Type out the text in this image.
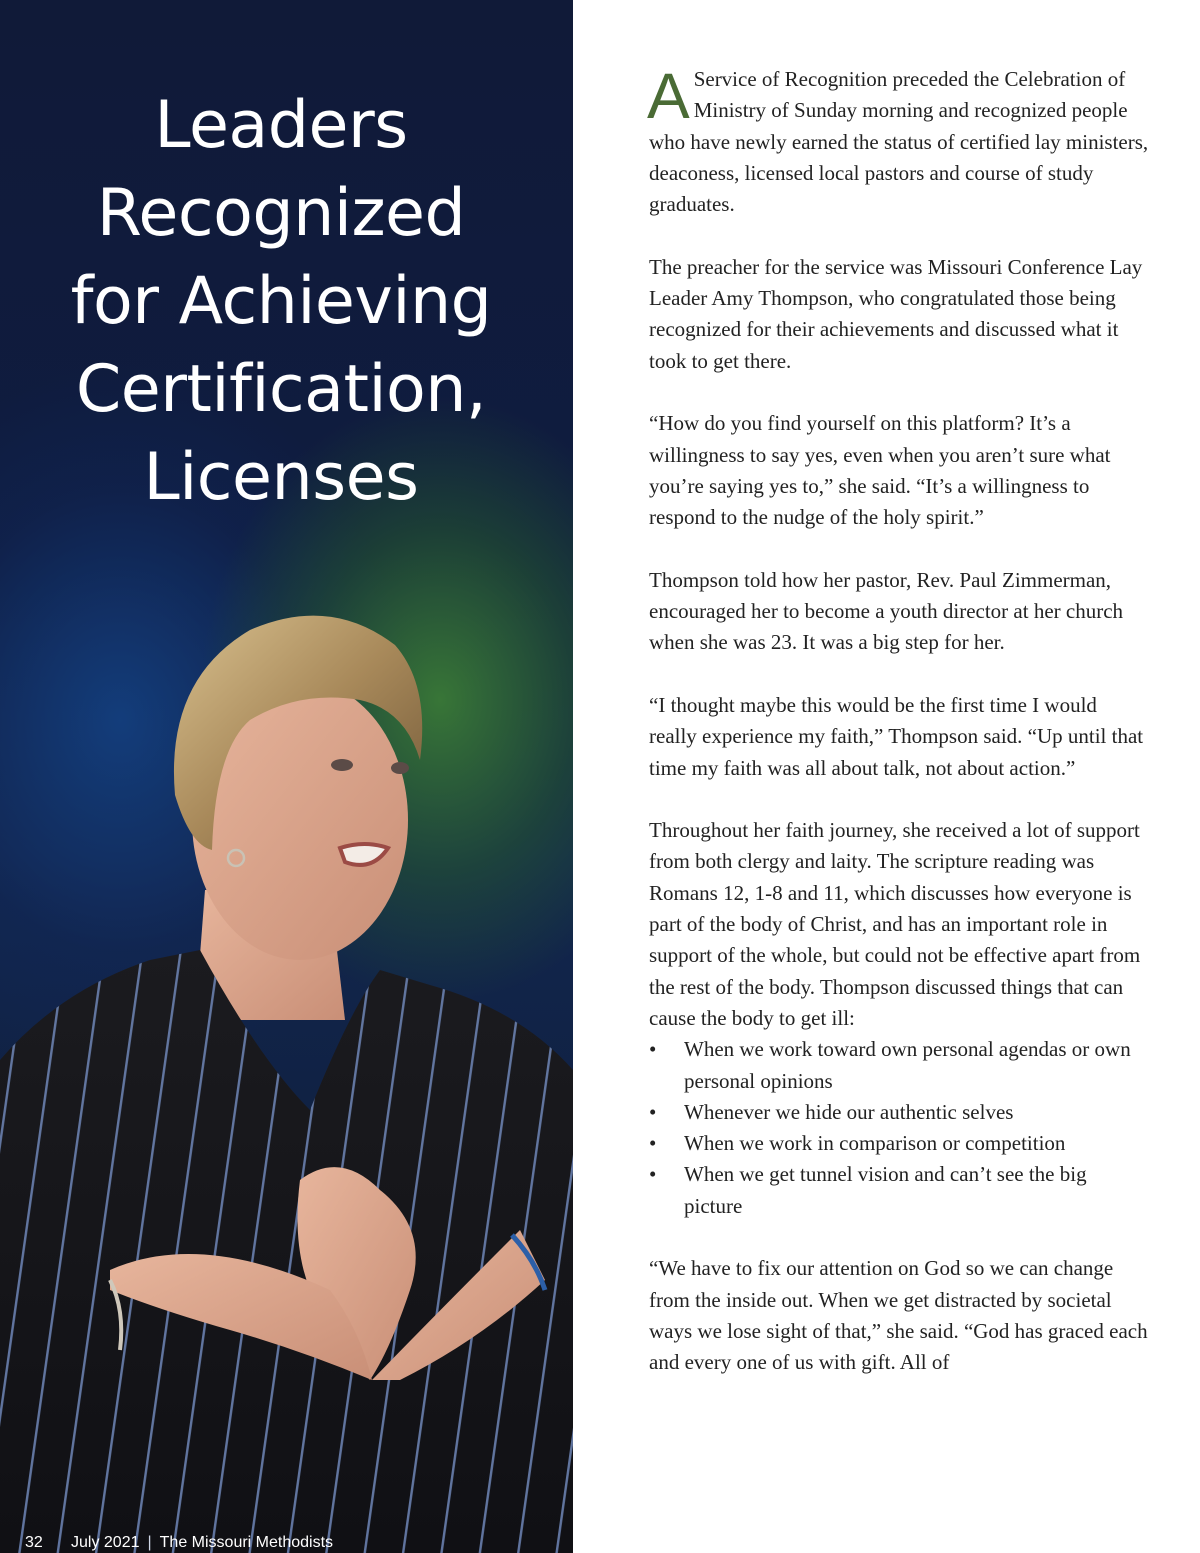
Leaders
Recognized
for Achieving
Certification,
Licenses
32 July 2021 | The Missouri Methodists

A Service of Recognition preceded the Celebration of Ministry of Sunday morning and recognized people who have newly earned the status of certified lay ministers, deaconess, licensed local pastors and course of study graduates.

The preacher for the service was Missouri Conference Lay Leader Amy Thompson, who congratulated those being recognized for their achievements and discussed what it took to get there.

“How do you find yourself on this platform? It’s a willingness to say yes, even when you aren’t sure what you’re saying yes to,” she said. “It’s a willingness to respond to the nudge of the holy spirit.”

Thompson told how her pastor, Rev. Paul Zimmerman, encouraged her to become a youth director at her church when she was 23. It was a big step for her.

“I thought maybe this would be the first time I would really experience my faith,” Thompson said. “Up until that time my faith was all about talk, not about action.”

Throughout her faith journey, she received a lot of support from both clergy and laity. The scripture reading was Romans 12, 1-8 and 11, which discusses how everyone is part of the body of Christ, and has an important role in support of the whole, but could not be effective apart from the rest of the body. Thompson discussed things that can cause the body to get ill:

• When we work toward own personal agendas or own personal opinions
• Whenever we hide our authentic selves
• When we work in comparison or competition
• When we get tunnel vision and can’t see the big picture

“We have to fix our attention on God so we can change from the inside out. When we get distracted by societal ways we lose sight of that,” she said. “God has graced each and every one of us with gift. All of
